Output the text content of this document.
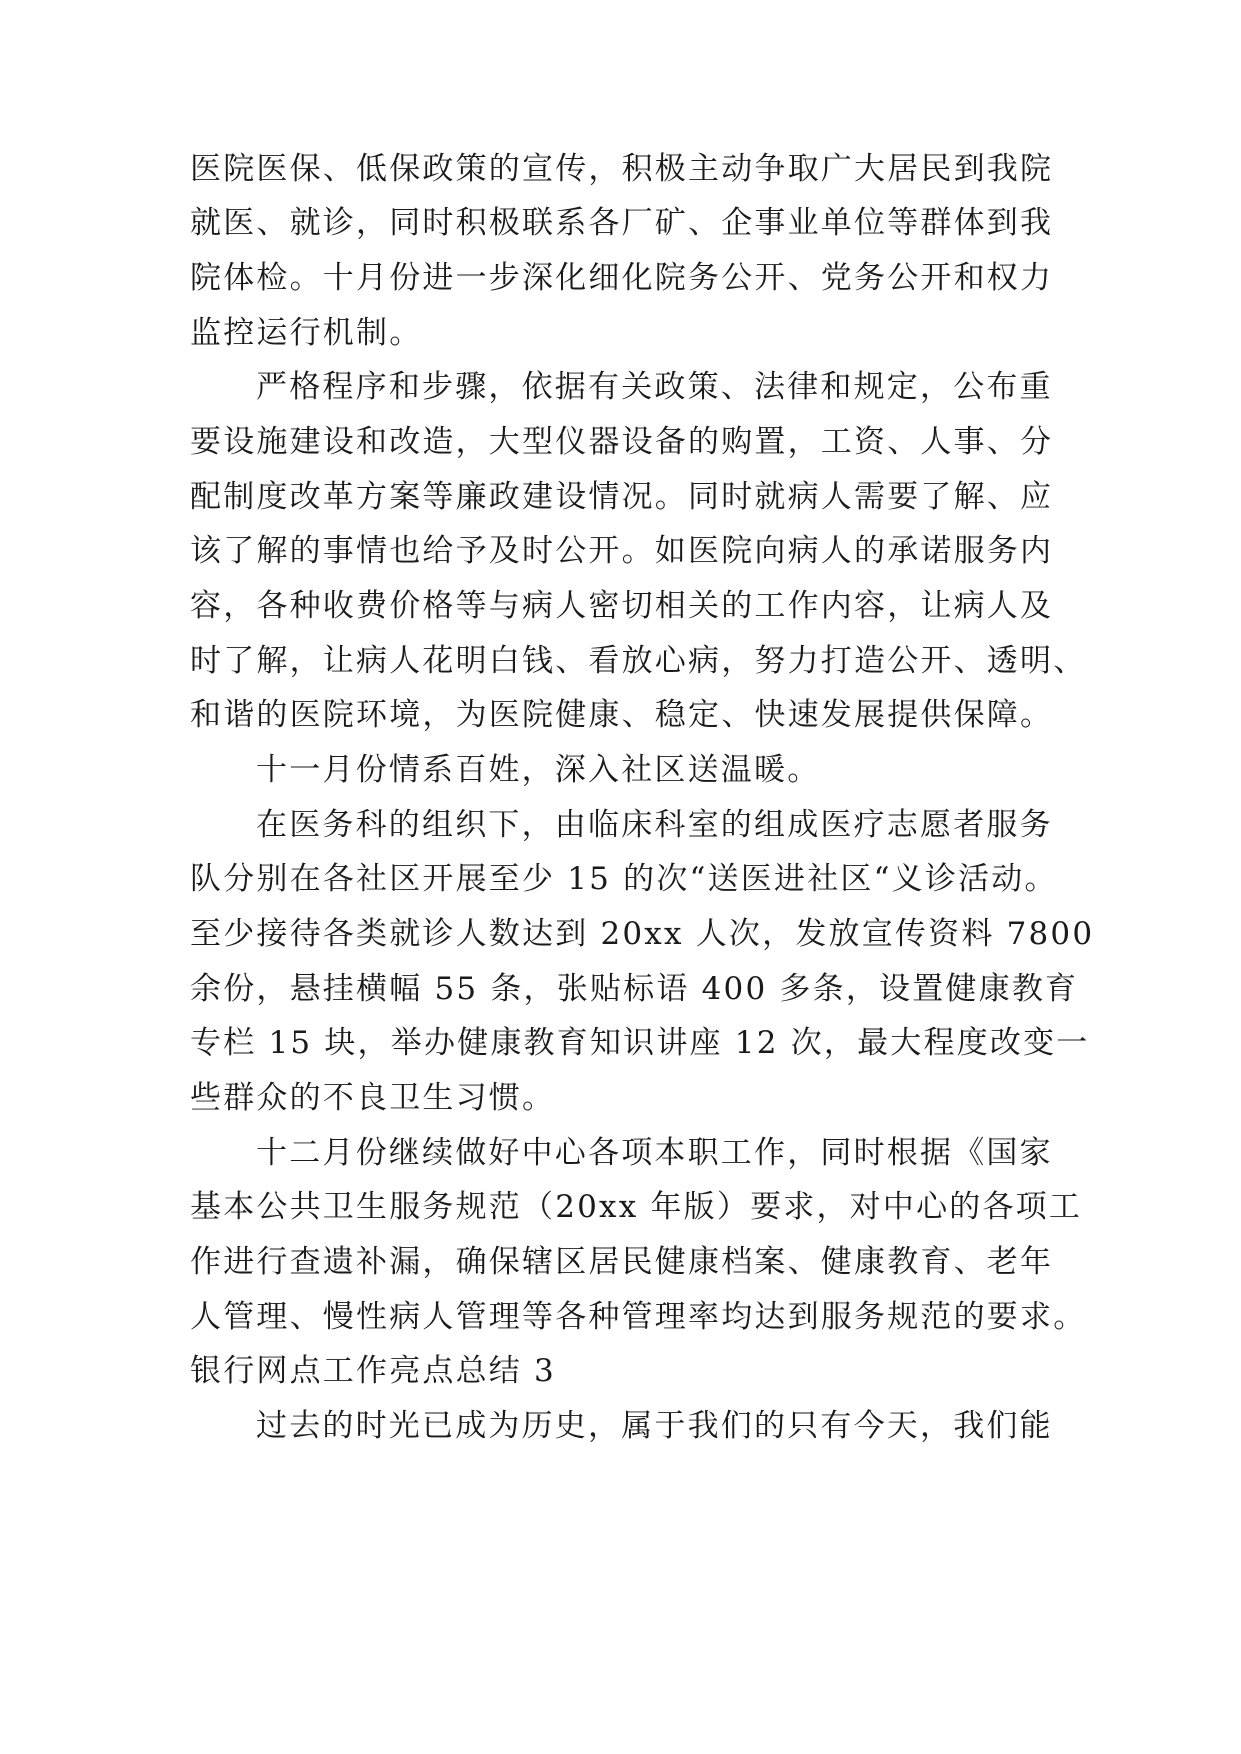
医院医保、低保政策的宣传，积极主动争取广大居民到我院
就医、就诊，同时积极联系各厂矿、企事业单位等群体到我
院体检。十月份进一步深化细化院务公开、党务公开和权力
监控运行机制。
严格程序和步骤，依据有关政策、法律和规定，公布重
要设施建设和改造，大型仪器设备的购置，工资、人事、分
配制度改革方案等廉政建设情况。同时就病人需要了解、应
该了解的事情也给予及时公开。如医院向病人的承诺服务内
容，各种收费价格等与病人密切相关的工作内容，让病人及
时了解，让病人花明白钱、看放心病，努力打造公开、透明、
和谐的医院环境，为医院健康、稳定、快速发展提供保障。
十一月份情系百姓，深入社区送温暖。
在医务科的组织下，由临床科室的组成医疗志愿者服务
队分别在各社区开展至少 15 的次“送医进社区“义诊活动。
至少接待各类就诊人数达到 20xx 人次，发放宣传资料 7800
余份，悬挂横幅 55 条，张贴标语 400 多条，设置健康教育
专栏 15 块，举办健康教育知识讲座 12 次，最大程度改变一
些群众的不良卫生习惯。
十二月份继续做好中心各项本职工作，同时根据《国家
基本公共卫生服务规范（20xx 年版）要求，对中心的各项工
作进行查遗补漏，确保辖区居民健康档案、健康教育、老年
人管理、慢性病人管理等各种管理率均达到服务规范的要求。
银行网点工作亮点总结 3
过去的时光已成为历史，属于我们的只有今天，我们能
